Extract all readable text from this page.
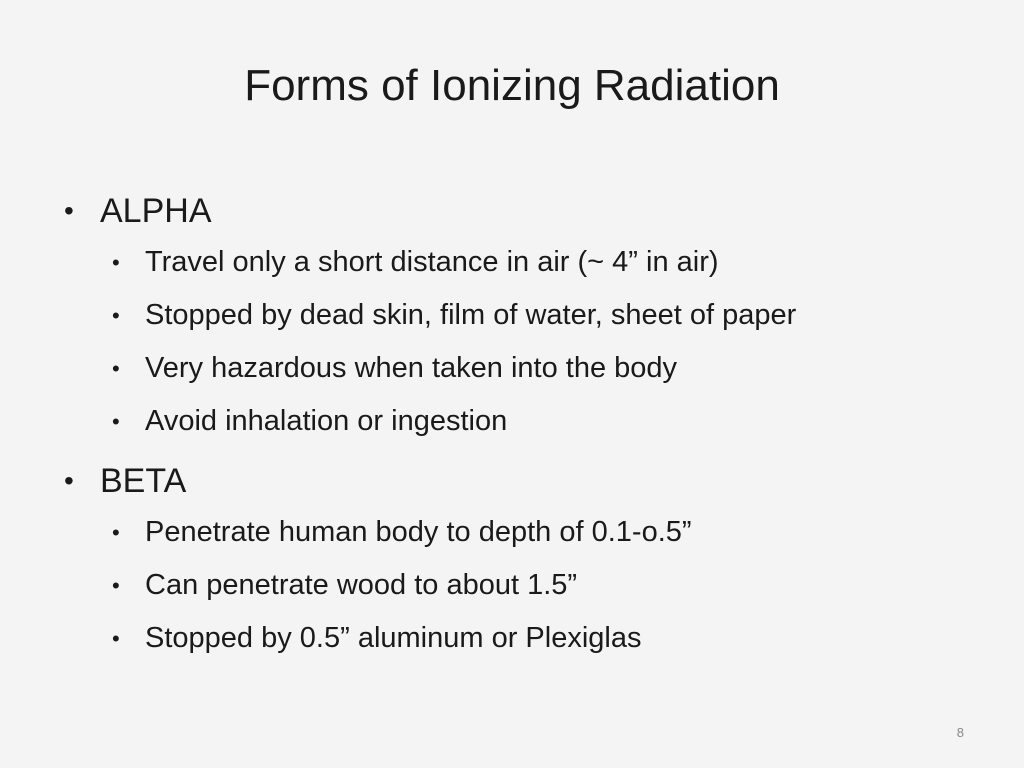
Forms of Ionizing Radiation
• ALPHA
• Travel only a short distance in air (~ 4” in air)
• Stopped by dead skin, film of water, sheet of paper
• Very hazardous when taken into the body
• Avoid inhalation or ingestion
• BETA
• Penetrate human body to depth of 0.1-o.5”
• Can penetrate wood to about 1.5”
• Stopped by 0.5” aluminum or Plexiglas
8
